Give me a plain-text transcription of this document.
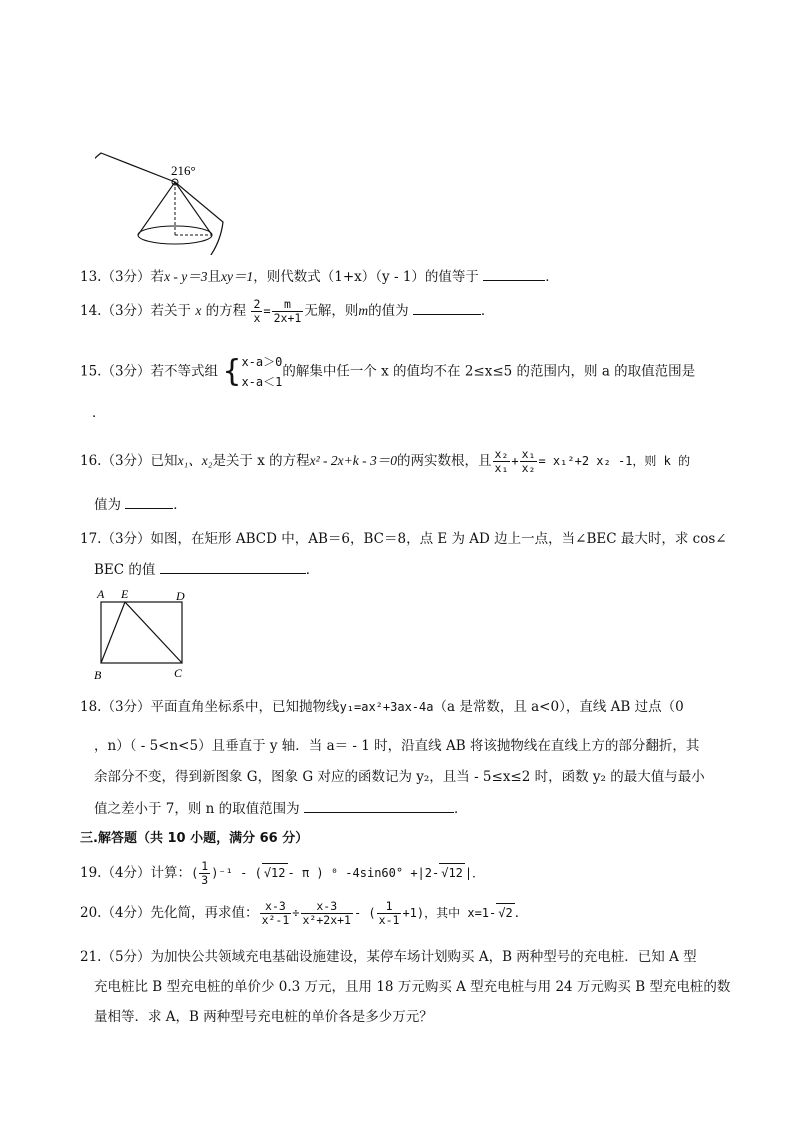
216°
13.（3分）若x - y＝3且xy＝1，则代数式（1+x）（y - 1）的值等于	．
14.（3分）若关于 x 的方程 $\frac{2}{x} = \frac{m}{2x+1}$ 无解，则m的值为	．
15.（3分）若不等式组 { x-a＞0
x-a＜1
的解集中任一个 x 的值均不在 2≤x≤5 的范围内，则 a 的取值范围是
．
16.（3分）已知x₁、x₂是关于 x 的方程x² - 2x+k - 3＝0的两实数根，且 $\frac{\text{x₂}}{\text{x₁}} + \frac{\text{x₁}}{\text{x₂}} = x_1^2+2$ x₂ -1，则 k 的
值为	．
17.（3分）如图，在矩形 ABCD 中，AB＝6，BC＝8，点 E 为 AD 边上一点，当∠BEC 最大时，求 cos∠
BEC 的值	．
A E	D
B	C
18.（3分）平面直角坐标系中，已知抛物线y₁=ax²+3ax-4a（a 是常数，且 a<0），直线 AB 过点（0
，n）（ - 5<n<5）且垂直于 y 轴．当 a＝ - 1 时，沿直线 AB 将该抛物线在直线上方的部分翻折，其
余部分不变，得到新图象 G，图象 G 对应的函数记为 y₂，且当 - 5≤x≤2 时，函数 y₂ 的最大值与最小
值之差小于 7，则 n 的取值范围为	．
三.解答题（共 10 小题，满分 66 分）
19.（4分）计算：( $\frac{1}{3} )^{-1}$ - ( √12 - π ) ⁰ -4sin60° +|2- √12 |．
20.（4分）先化简，再求值： $\frac{x-3}{\text{x²-1}} \div \frac{x-3}{\text{x²+2x+1}}$ - ( $\frac{1}{x-1} +1$)，其中 x=1- √2 ．
21.（5分）为加快公共领域充电基础设施建设，某停车场计划购买 A，B 两种型号的充电桩．已知 A 型
充电桩比 B 型充电桩的单价少 0.3 万元，且用 18 万元购买 A 型充电桩与用 24 万元购买 B 型充电桩的数
量相等．求 A，B 两种型号充电桩的单价各是多少万元？
